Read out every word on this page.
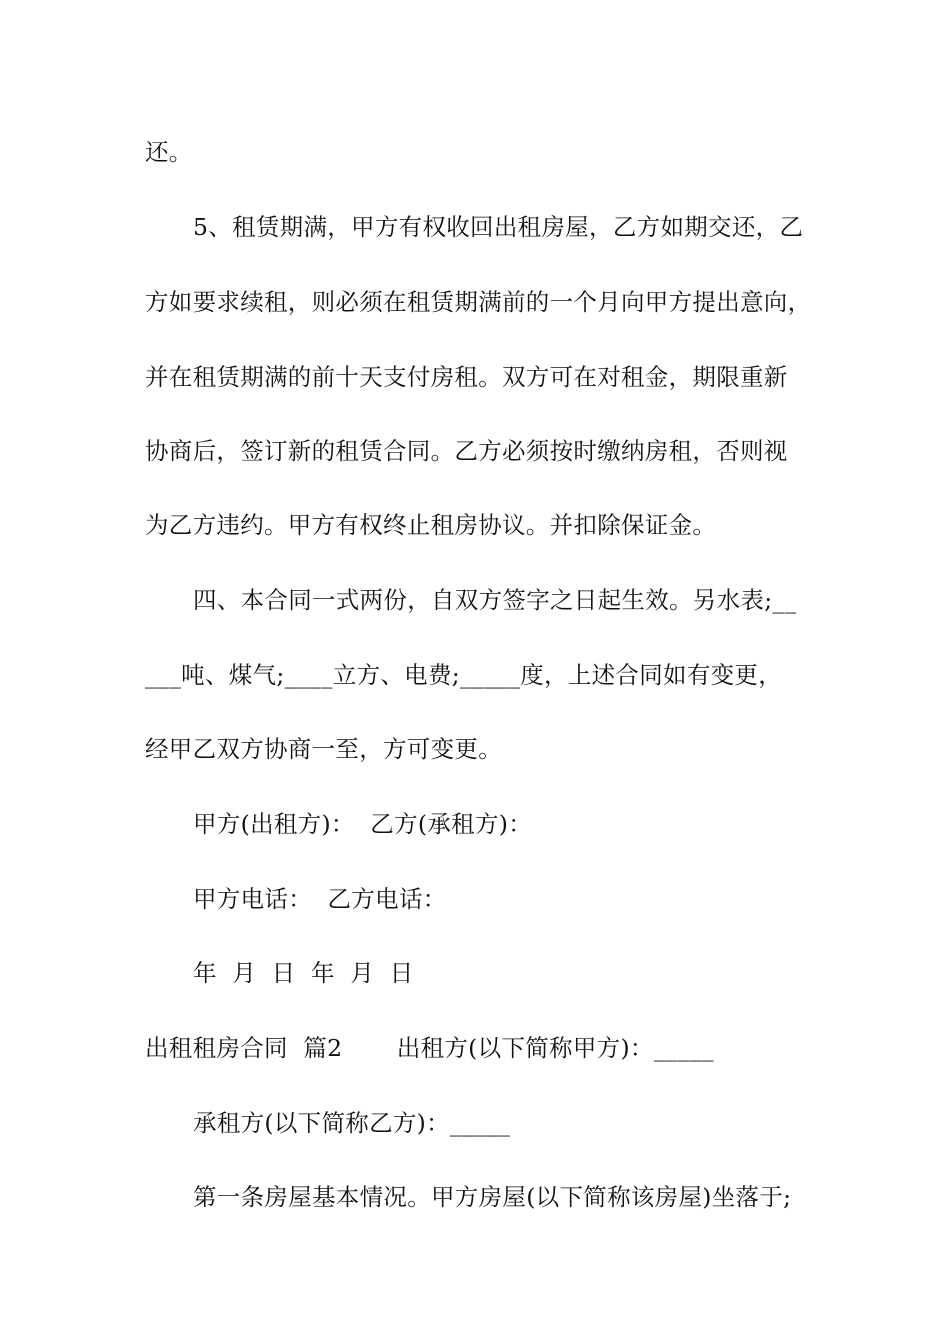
还。
5、租赁期满，甲方有权收回出租房屋，乙方如期交还，乙
方如要求续租，则必须在租赁期满前的一个月向甲方提出意向，
并在租赁期满的前十天支付房租。双方可在对租金，期限重新
协商后，签订新的租赁合同。乙方必须按时缴纳房租，否则视
为乙方违约。甲方有权终止租房协议。并扣除保证金。
四、本合同一式两份，自双方签字之日起生效。另水表;__
___吨、煤气;____立方、电费;_____度，上述合同如有变更，
经甲乙双方协商一至，方可变更。
甲方(出租方)：  乙方(承租方)：
甲方电话：  乙方电话：
年  月  日  年  月  日
出租租房合同  篇2       出租方(以下简称甲方)：_____
承租方(以下简称乙方)：_____
第一条房屋基本情况。甲方房屋(以下简称该房屋)坐落于;
